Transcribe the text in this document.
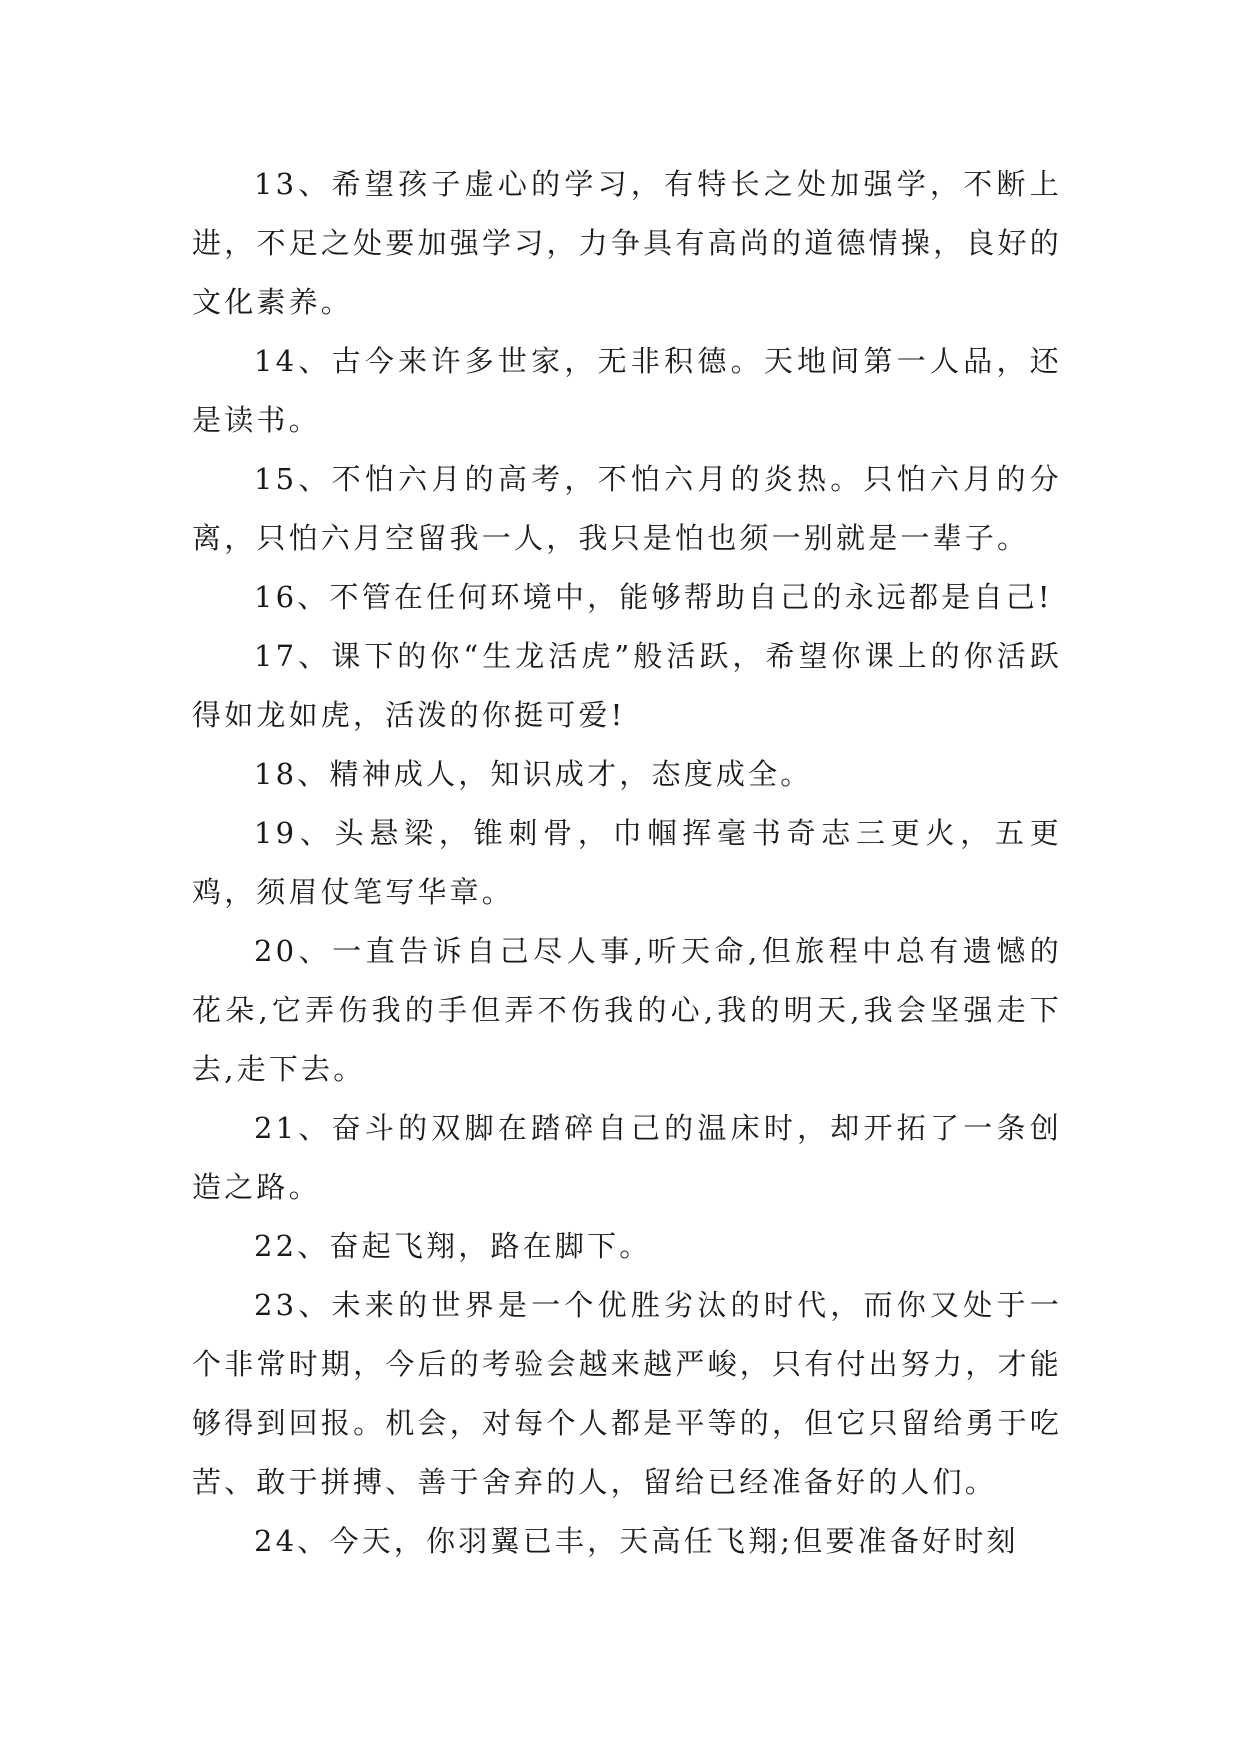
13、希望孩子虚心的学习，有特长之处加强学，不断上进，不足之处要加强学习，力争具有高尚的道德情操，良好的文化素养。

14、古今来许多世家，无非积德。天地间第一人品，还是读书。

15、不怕六月的高考，不怕六月的炎热。只怕六月的分离，只怕六月空留我一人，我只是怕也须一别就是一辈子。

16、不管在任何环境中，能够帮助自己的永远都是自己!

17、课下的你“生龙活虎”般活跃，希望你课上的你活跃得如龙如虎，活泼的你挺可爱!

18、精神成人，知识成才，态度成全。

19、头悬梁，锥刺骨，巾帼挥毫书奇志三更火，五更鸡，须眉仗笔写华章。

20、一直告诉自己尽人事,听天命,但旅程中总有遗憾的花朵,它弄伤我的手但弄不伤我的心,我的明天,我会坚强走下去,走下去。

21、奋斗的双脚在踏碎自己的温床时，却开拓了一条创造之路。

22、奋起飞翔，路在脚下。

23、未来的世界是一个优胜劣汰的时代，而你又处于一个非常时期，今后的考验会越来越严峻，只有付出努力，才能够得到回报。机会，对每个人都是平等的，但它只留给勇于吃苦、敢于拼搏、善于舍弃的人，留给已经准备好的人们。

24、今天，你羽翼已丰，天高任飞翔;但要准备好时刻
